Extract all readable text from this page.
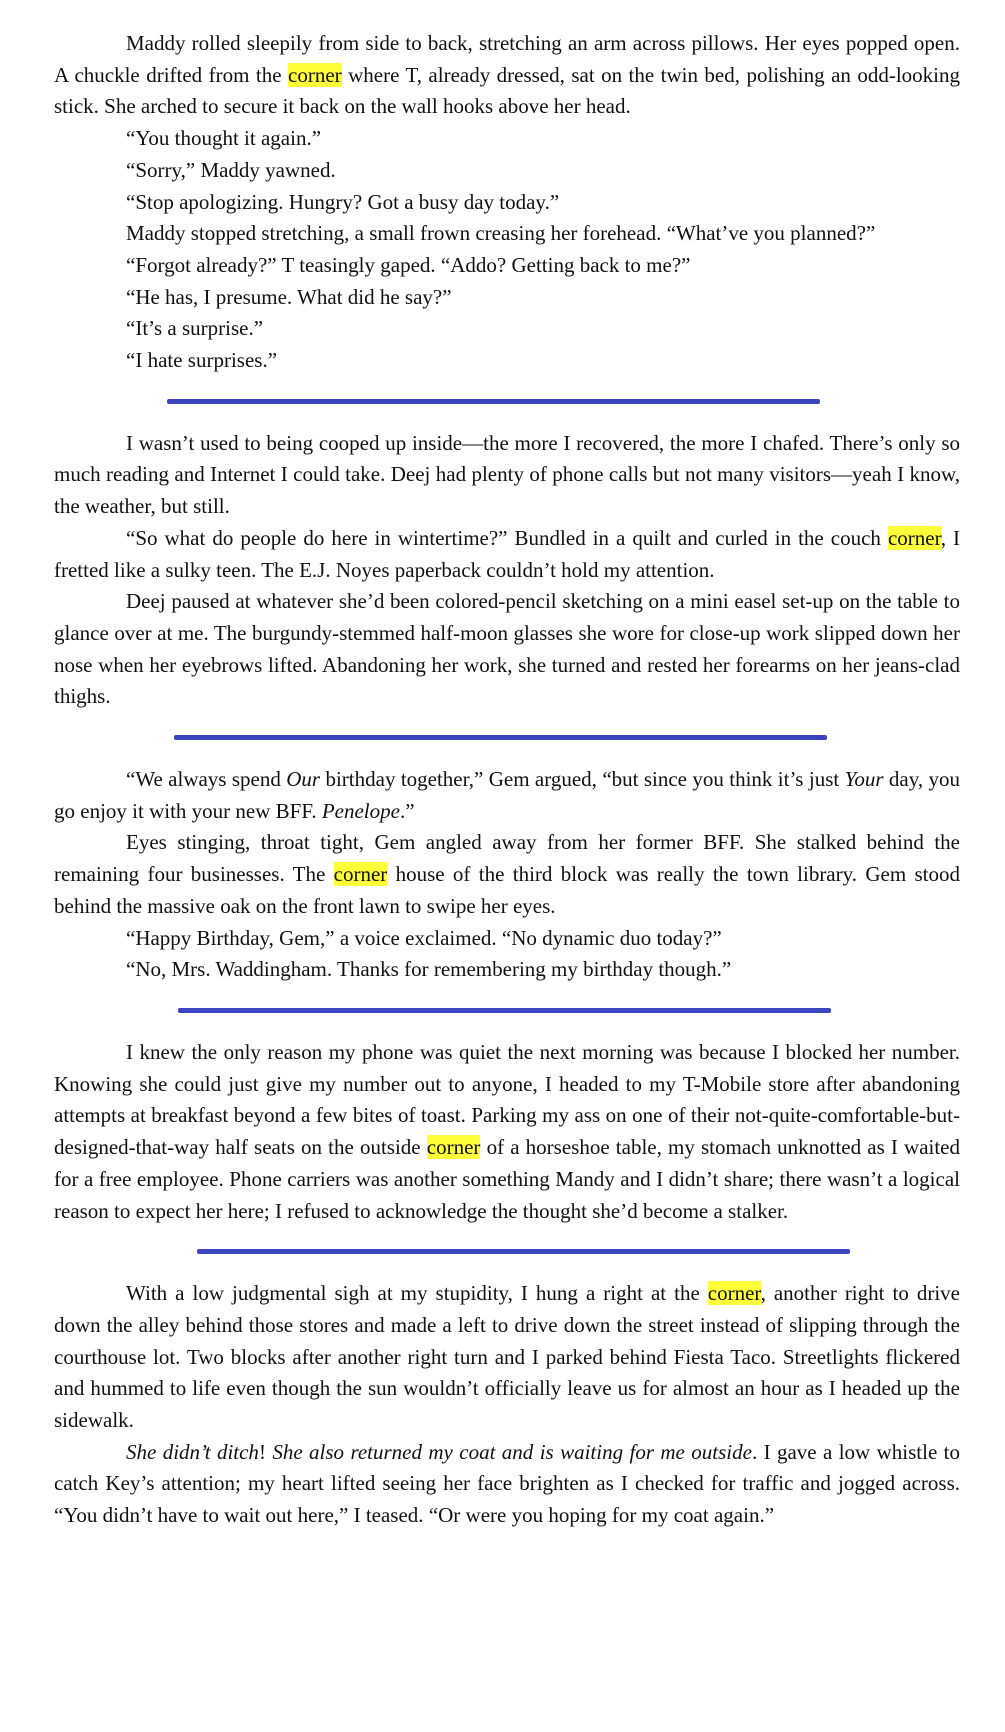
Maddy rolled sleepily from side to back, stretching an arm across pillows. Her eyes popped open. A chuckle drifted from the corner where T, already dressed, sat on the twin bed, polishing an odd-looking stick. She arched to secure it back on the wall hooks above her head.

“You thought it again.”

“Sorry,” Maddy yawned.

“Stop apologizing. Hungry? Got a busy day today.”

Maddy stopped stretching, a small frown creasing her forehead. “What’ve you planned?”

“Forgot already?” T teasingly gaped. “Addo? Getting back to me?”

“He has, I presume. What did he say?”

“It’s a surprise.”

“I hate surprises.”

I wasn’t used to being cooped up inside—the more I recovered, the more I chafed. There’s only so much reading and Internet I could take. Deej had plenty of phone calls but not many visitors—yeah I know, the weather, but still.

“So what do people do here in wintertime?” Bundled in a quilt and curled in the couch corner, I fretted like a sulky teen. The E.J. Noyes paperback couldn’t hold my attention.

Deej paused at whatever she’d been colored-pencil sketching on a mini easel set-up on the table to glance over at me. The burgundy-stemmed half-moon glasses she wore for close-up work slipped down her nose when her eyebrows lifted. Abandoning her work, she turned and rested her forearms on her jeans-clad thighs.

“We always spend Our birthday together,” Gem argued, “but since you think it’s just Your day, you go enjoy it with your new BFF. Penelope.”

Eyes stinging, throat tight, Gem angled away from her former BFF. She stalked behind the remaining four businesses. The corner house of the third block was really the town library. Gem stood behind the massive oak on the front lawn to swipe her eyes.

“Happy Birthday, Gem,” a voice exclaimed. “No dynamic duo today?”

“No, Mrs. Waddingham. Thanks for remembering my birthday though.”

I knew the only reason my phone was quiet the next morning was because I blocked her number. Knowing she could just give my number out to anyone, I headed to my T-Mobile store after abandoning attempts at breakfast beyond a few bites of toast. Parking my ass on one of their not-quite-comfortable-but-designed-that-way half seats on the outside corner of a horseshoe table, my stomach unknotted as I waited for a free employee. Phone carriers was another something Mandy and I didn’t share; there wasn’t a logical reason to expect her here; I refused to acknowledge the thought she’d become a stalker.

With a low judgmental sigh at my stupidity, I hung a right at the corner, another right to drive down the alley behind those stores and made a left to drive down the street instead of slipping through the courthouse lot. Two blocks after another right turn and I parked behind Fiesta Taco. Streetlights flickered and hummed to life even though the sun wouldn’t officially leave us for almost an hour as I headed up the sidewalk.

She didn’t ditch! She also returned my coat and is waiting for me outside. I gave a low whistle to catch Key’s attention; my heart lifted seeing her face brighten as I checked for traffic and jogged across. “You didn’t have to wait out here,” I teased. “Or were you hoping for my coat again.”
